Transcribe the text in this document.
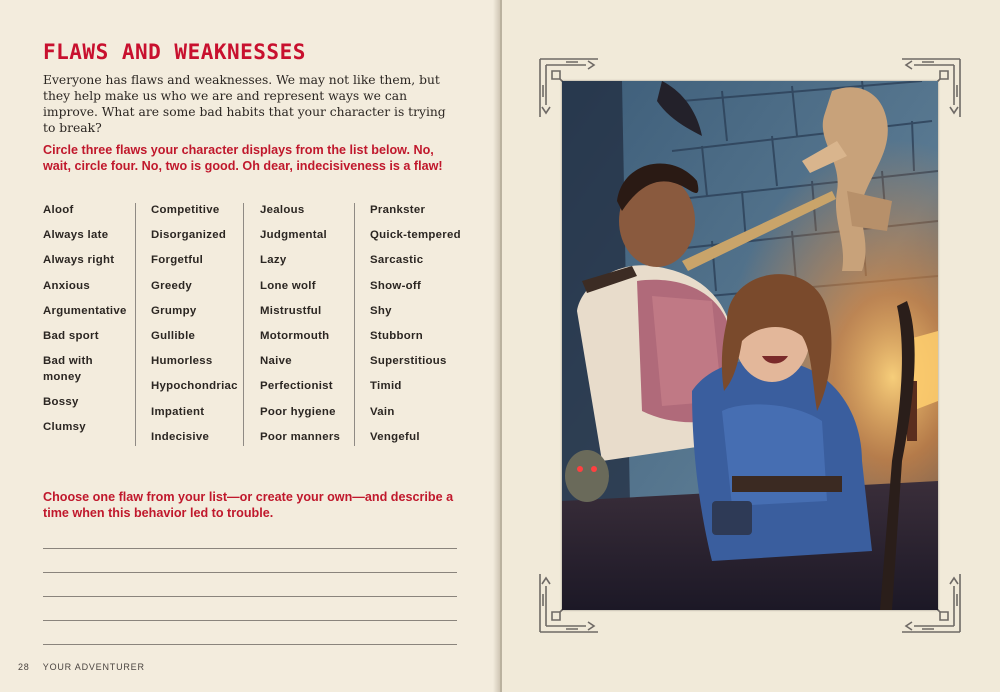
FLAWS AND WEAKNESSES

Everyone has flaws and weaknesses. We may not like them, but they help make us who we are and represent ways we can improve. What are some bad habits that your character is trying to break?

Circle three flaws your character displays from the list below. No, wait, circle four. No, two is good. Oh dear, indecisiveness is a flaw!

Aloof
Always late
Always right
Anxious
Argumentative
Bad sport
Bad with money
Bossy
Clumsy
Competitive
Disorganized
Forgetful
Greedy
Grumpy
Gullible
Humorless
Hypochondriac
Impatient
Indecisive
Jealous
Judgmental
Lazy
Lone wolf
Mistrustful
Motormouth
Naive
Perfectionist
Poor hygiene
Poor manners
Prankster
Quick-tempered
Sarcastic
Show-off
Shy
Stubborn
Superstitious
Timid
Vain
Vengeful

Choose one flaw from your list—or create your own—and describe a time when this behavior led to trouble.

28 YOUR ADVENTURER
